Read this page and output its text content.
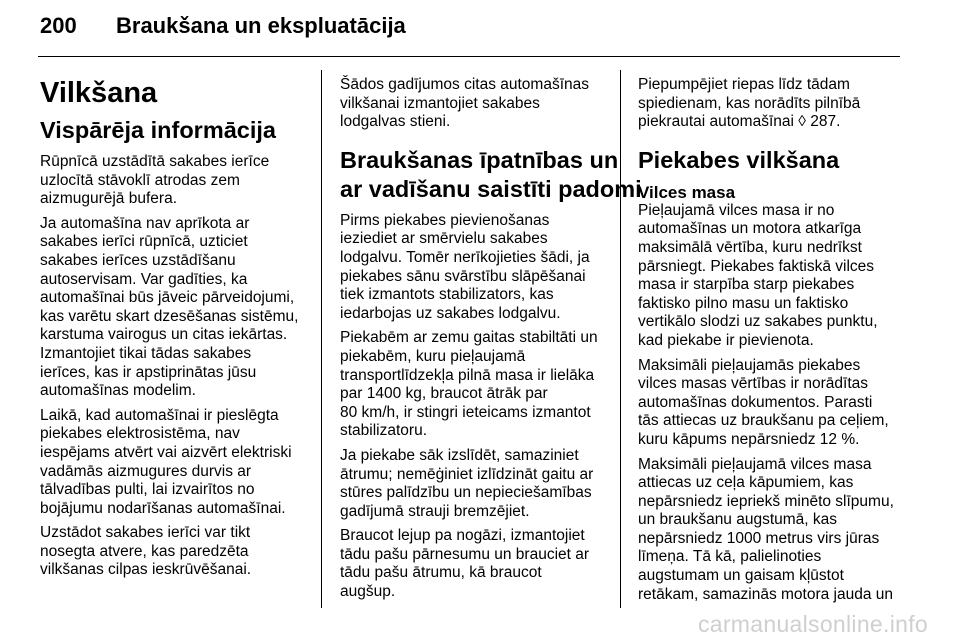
200	Braukšana un ekspluatācija
Vilkšana
Vispārēja informācija
Rūpnīcā uzstādītā sakabes ierīce
uzlocītā stāvoklī atrodas zem
aizmugurējā bufera.
Ja automašīna nav aprīkota ar
sakabes ierīci rūpnīcā, uzticiet
sakabes ierīces uzstādīšanu
autoservisam. Var gadīties, ka
automašīnai būs jāveic pārveidojumi,
kas varētu skart dzesēšanas sistēmu,
karstuma vairogus un citas iekārtas.
Izmantojiet tikai tādas sakabes
ierīces, kas ir apstiprinātas jūsu
automašīnas modelim.
Laikā, kad automašīnai ir pieslēgta
piekabes elektrosistēma, nav
iespējams atvērt vai aizvērt elektriski
vadāmās aizmugures durvis ar
tālvadības pulti, lai izvairītos no
bojājumu nodarīšanas automašīnai.
Uzstādot sakabes ierīci var tikt
nosegta atvere, kas paredzēta
vilkšanas cilpas ieskrūvēšanai.
Šādos gadījumos citas automašīnas
vilkšanai izmantojiet sakabes
lodgalvas stieni.
Braukšanas īpatnības un
ar vadīšanu saistīti padomi
Pirms piekabes pievienošanas
ieziediet ar smērvielu sakabes
lodgalvu. Tomēr nerīkojieties šādi, ja
piekabes sānu svārstību slāpēšanai
tiek izmantots stabilizators, kas
iedarbojas uz sakabes lodgalvu.
Piekabēm ar zemu gaitas stabiltāti un
piekabēm, kuru pieļaujamā
transportlīdzekļa pilnā masa ir lielāka
par 1400 kg, braucot ātrāk par
80 km/h, ir stingri ieteicams izmantot
stabilizatoru.
Ja piekabe sāk izslīdēt, samaziniet
ātrumu; nemēģiniet izlīdzināt gaitu ar
stūres palīdzību un nepieciešamības
gadījumā strauji bremzējiet.
Braucot lejup pa nogāzi, izmantojiet
tādu pašu pārnesumu un brauciet ar
tādu pašu ātrumu, kā braucot
augšup.
Piepumpējiet riepas līdz tādam
spiedienam, kas norādīts pilnībā
piekrautai automašīnai ◊ 287.
Piekabes vilkšana
Vilces masa
Pieļaujamā vilces masa ir no
automašīnas un motora atkarīga
maksimālā vērtība, kuru nedrīkst
pārsniegt. Piekabes faktiskā vilces
masa ir starpība starp piekabes
faktisko pilno masu un faktisko
vertikālo slodzi uz sakabes punktu,
kad piekabe ir pievienota.
Maksimāli pieļaujamās piekabes
vilces masas vērtības ir norādītas
automašīnas dokumentos. Parasti
tās attiecas uz braukšanu pa ceļiem,
kuru kāpums nepārsniedz 12 %.
Maksimāli pieļaujamā vilces masa
attiecas uz ceļa kāpumiem, kas
nepārsniedz iepriekš minēto slīpumu,
un braukšanu augstumā, kas
nepārsniedz 1000 metrus virs jūras
līmeņa. Tā kā, palielinoties
augstumam un gaisam kļūstot
retākam, samazinās motora jauda un
carmanualsonline.info
